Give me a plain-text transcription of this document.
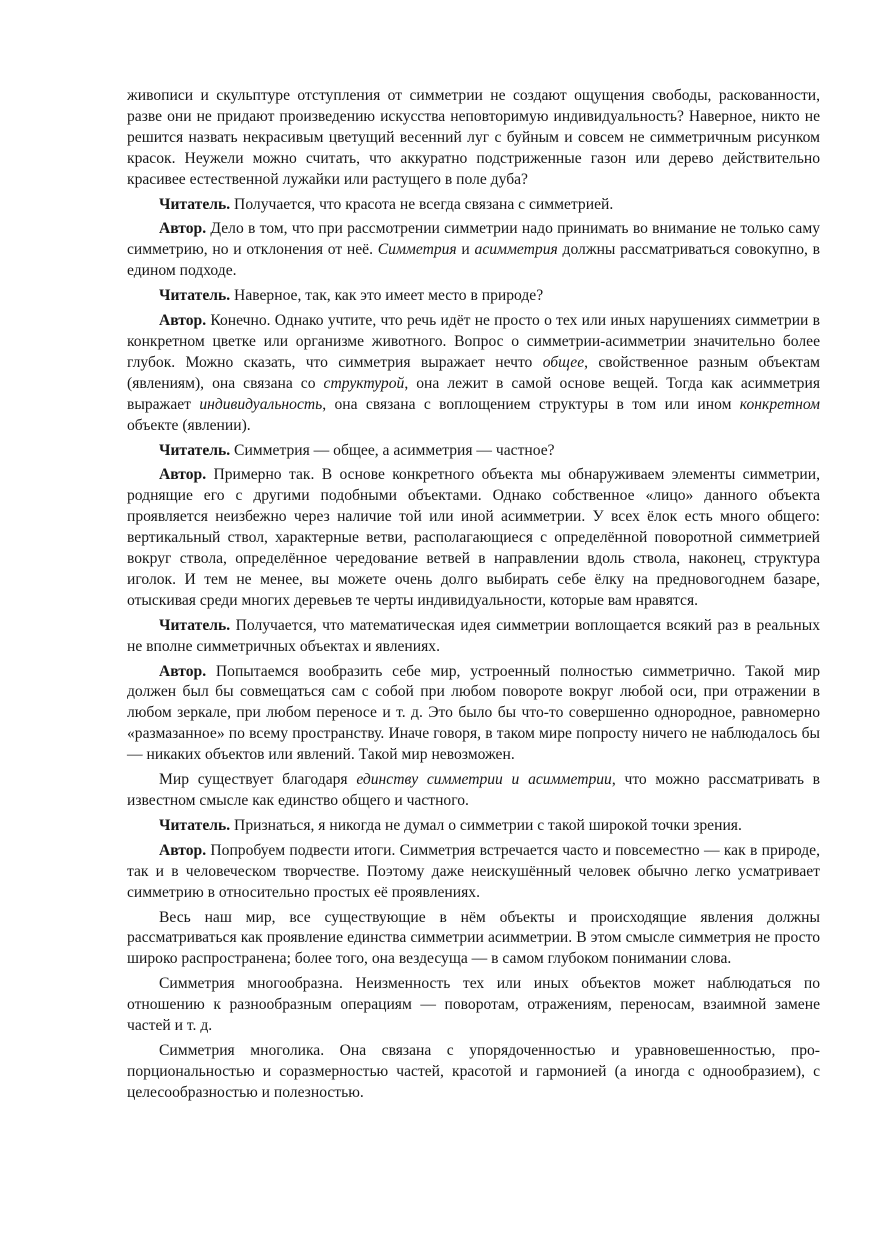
живописи и скульптуре отступления от симметрии не создают ощущения свободы, раскованности, разве они не придают произведению искусства неповторимую индивидуальность? Наверное, никто не решится назвать некрасивым цветущий весенний луг с буйным и совсем не симметричным рисунком красок. Неужели можно считать, что аккуратно подстриженные газон или дерево действительно красивее естественной лужайки или растущего в поле дуба?

Читатель. Получается, что красота не всегда связана с симметрией.

Автор. Дело в том, что при рассмотрении симметрии надо принимать во внимание не только саму симметрию, но и отклонения от неё. Симметрия и асимметрия должны рассматриваться совокупно, в едином подходе.

Читатель. Наверное, так, как это имеет место в природе?

Автор. Конечно. Однако учтите, что речь идёт не просто о тех или иных нарушениях симметрии в конкретном цветке или организме животного. Вопрос о симметрии-асимметрии значительно более глубок. Можно сказать, что симметрия выражает нечто общее, свойственное разным объектам (явлениям), она связана со структурой, она лежит в самой основе вещей. Тогда как асимметрия выражает индивидуальность, она связана с воплощением структуры в том или ином конкретном объекте (явлении).

Читатель. Симметрия — общее, а асимметрия — частное?

Автор. Примерно так. В основе конкретного объекта мы обнаруживаем элементы симметрии, роднящие его с другими подобными объектами. Однако собственное «лицо» данного объекта проявляется неизбежно через наличие той или иной асимметрии. У всех ёлок есть много общего: вертикальный ствол, характерные ветви, располагающиеся с определённой поворотной симметрией вокруг ствола, определённое чередование ветвей в направлении вдоль ствола, наконец, структура иголок. И тем не менее, вы можете очень долго выбирать себе ёлку на предновогоднем базаре, отыскивая среди многих деревьев те черты индивидуальности, которые вам нравятся.

Читатель. Получается, что математическая идея симметрии воплощается всякий раз в реальных не вполне симметричных объектах и явлениях.

Автор. Попытаемся вообразить себе мир, устроенный полностью симметрично. Такой мир должен был бы совмещаться сам с собой при любом повороте вокруг любой оси, при отражении в любом зеркале, при любом переносе и т. д. Это было бы что-то совершенно однородное, равномерно «размазанное» по всему пространству. Иначе говоря, в таком мире попросту ничего не наблюдалось бы — никаких объектов или явлений. Такой мир невозможен.

Мир существует благодаря единству симметрии и асимметрии, что можно рассматривать в известном смысле как единство общего и частного.

Читатель. Признаться, я никогда не думал о симметрии с такой широкой точки зрения.

Автор. Попробуем подвести итоги. Симметрия встречается часто и повсеместно — как в природе, так и в человеческом творчестве. Поэтому даже неискушённый человек обычно легко усматривает симметрию в относительно простых её проявлениях.

Весь наш мир, все существующие в нём объекты и происходящие явления должны рассматриваться как проявление единства симметрии асимметрии. В этом смысле симметрия не просто широко распространена; более того, она вездесуща — в самом глубоком понимании слова.

Симметрия многообразна. Неизменность тех или иных объектов может наблюдаться по отношению к разнообразным операциям — поворотам, отражениям, переносам, взаимной замене частей и т. д.

Симметрия многолика. Она связана с упорядоченностью и уравновешенностью, пропорциональностью и соразмерностью частей, красотой и гармонией (а иногда с однообразием), с целесообразностью и полезностью.
